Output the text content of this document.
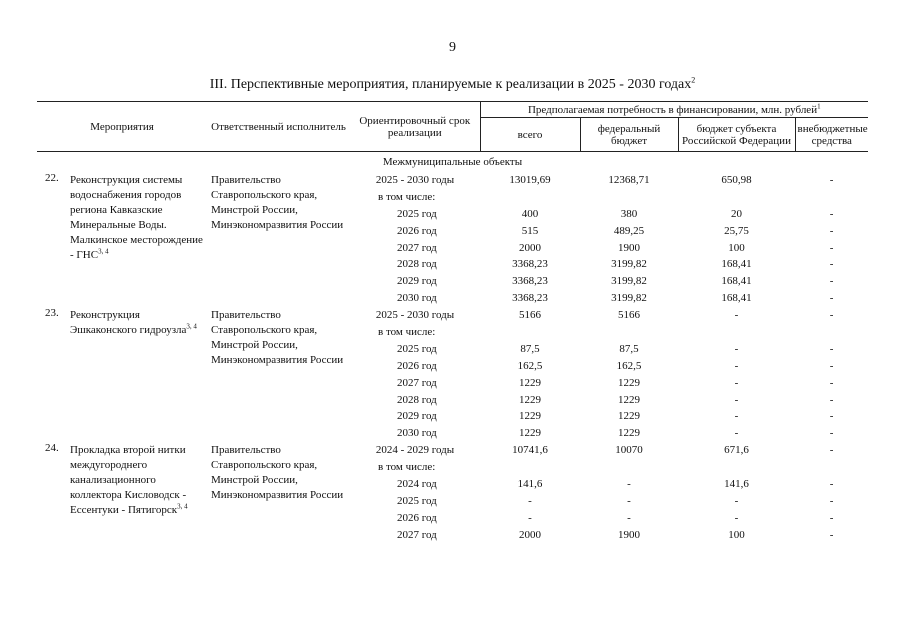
9
III. Перспективные мероприятия, планируемые к реализации в 2025 - 2030 годах$^2$
Мероприятия		Ответственный исполнитель	Ориентировочный срок реализации	Предполагаемая потребность в финансировании, млн. рублей$^1$
				всего	федеральный бюджет	бюджет субъекта Российской Федерации	внебюджетные средства
Межмуниципальные объекты							
22.	Реконструкция системы водоснабжения городов региона Кавказские Минеральные Воды. Малкинское месторождение - ГНС$^{3, 4}$	Правительство Ставропольского края, Минстрой России, Минэкономразвития России	2025 - 2030 годы	13019,69	12368,71	650,98	-
			в том числе:				
			2025 год	400	380	20	-
			2026 год	515	489,25	25,75	-
			2027 год	2000	1900	100	-
			2028 год	3368,23	3199,82	168,41	-
			2029 год	3368,23	3199,82	168,41	-
			2030 год	3368,23	3199,82	168,41	-
23.	Реконструкция Эшкаконского гидроузла$^{3, 4}$	Правительство Ставропольского края, Минстрой России, Минэкономразвития России	2025 - 2030 годы	5166	5166	-	-
			в том числе:				
			2025 год	87,5	87,5	-	-
			2026 год	162,5	162,5	-	-
			2027 год	1229	1229	-	-
			2028 год	1229	1229	-	-
			2029 год	1229	1229	-	-
			2030 год	1229	1229	-	-
24.	Прокладка второй нитки междугороднего канализационного коллектора Кисловодск - Ессентуки - Пятигорск$^{3, 4}$	Правительство Ставропольского края, Минстрой России, Минэкономразвития России	2024 - 2029 годы	10741,6	10070	671,6	-
			в том числе:				
			2024 год	141,6	-	141,6	-
			2025 год	-	-	-	-
			2026 год	-	-	-	-
			2027 год	2000	1900	100	-
